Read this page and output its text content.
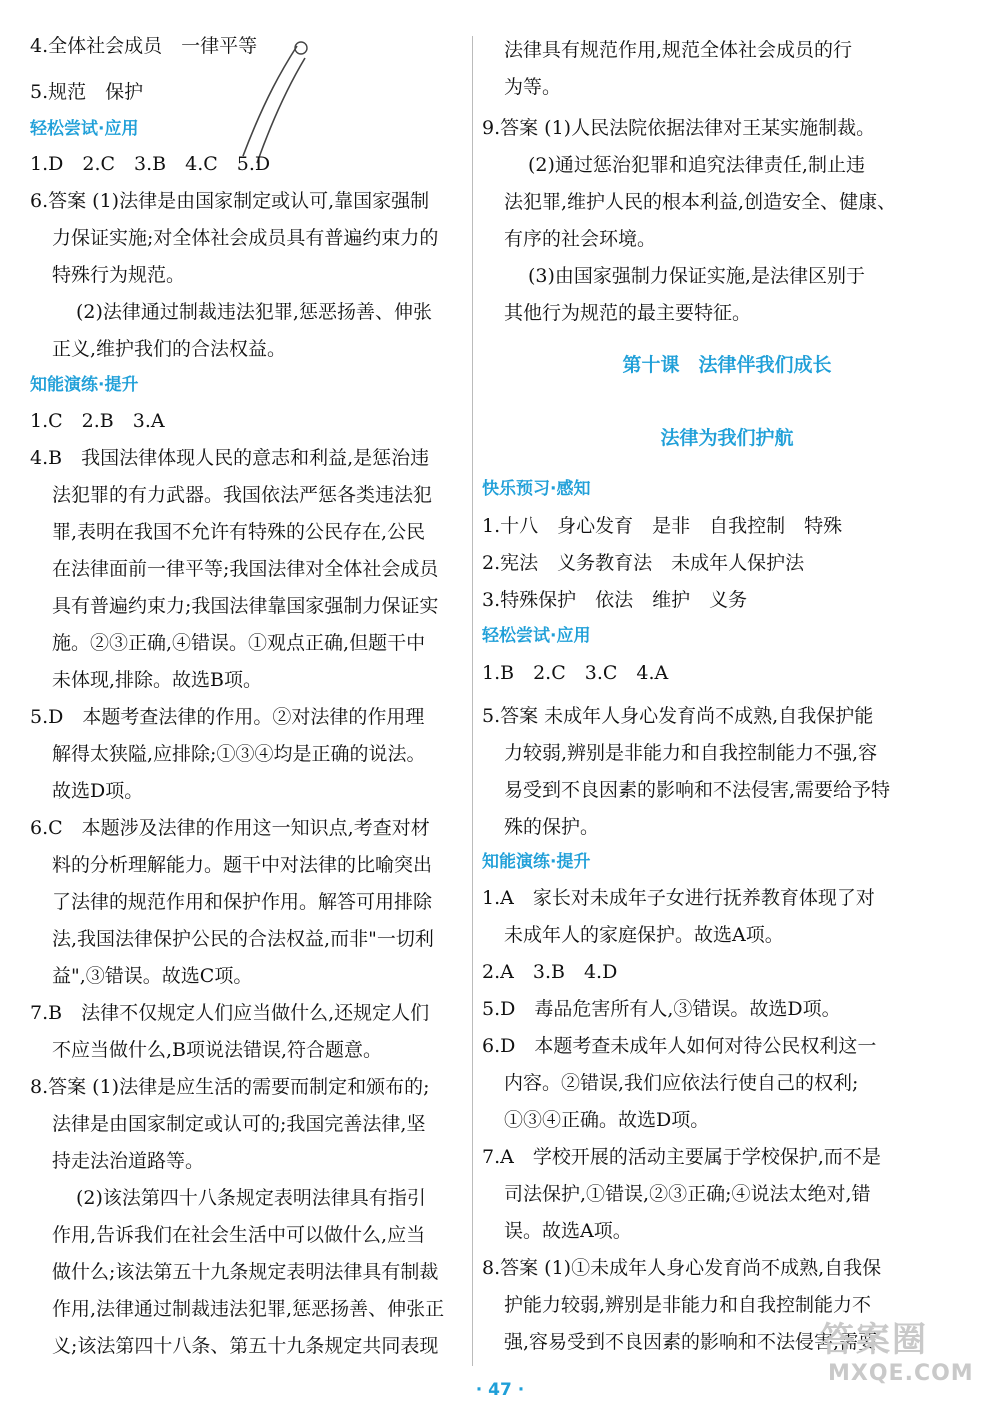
4.全体社会成员　一律平等
5.规范　保护
轻松尝试·应用
1.D　2.C　3.B　4.C　5.D
6.答案 (1)法律是由国家制定或认可,靠国家强制
力保证实施;对全体社会成员具有普遍约束力的
特殊行为规范。
(2)法律通过制裁违法犯罪,惩恶扬善、伸张
正义,维护我们的合法权益。
知能演练·提升
1.C　2.B　3.A
4.B　我国法律体现人民的意志和利益,是惩治违
法犯罪的有力武器。我国依法严惩各类违法犯
罪,表明在我国不允许有特殊的公民存在,公民
在法律面前一律平等;我国法律对全体社会成员
具有普遍约束力;我国法律靠国家强制力保证实
施。②③正确,④错误。①观点正确,但题干中
未体现,排除。故选B项。
5.D　本题考查法律的作用。②对法律的作用理
解得太狭隘,应排除;①③④均是正确的说法。
故选D项。
6.C　本题涉及法律的作用这一知识点,考查对材
料的分析理解能力。题干中对法律的比喻突出
了法律的规范作用和保护作用。解答可用排除
法,我国法律保护公民的合法权益,而非"一切利
益",③错误。故选C项。
7.B　法律不仅规定人们应当做什么,还规定人们
不应当做什么,B项说法错误,符合题意。
8.答案 (1)法律是应生活的需要而制定和颁布的;
法律是由国家制定或认可的;我国完善法律,坚
持走法治道路等。
(2)该法第四十八条规定表明法律具有指引
作用,告诉我们在社会生活中可以做什么,应当
做什么;该法第五十九条规定表明法律具有制裁
作用,法律通过制裁违法犯罪,惩恶扬善、伸张正
义;该法第四十八条、第五十九条规定共同表现
法律具有规范作用,规范全体社会成员的行
为等。
9.答案 (1)人民法院依据法律对王某实施制裁。
(2)通过惩治犯罪和追究法律责任,制止违
法犯罪,维护人民的根本利益,创造安全、健康、
有序的社会环境。
(3)由国家强制力保证实施,是法律区别于
其他行为规范的最主要特征。
第十课　法律伴我们成长
法律为我们护航
快乐预习·感知
1.十八　身心发育　是非　自我控制　特殊
2.宪法　义务教育法　未成年人保护法
3.特殊保护　依法　维护　义务
轻松尝试·应用
1.B　2.C　3.C　4.A
5.答案 未成年人身心发育尚不成熟,自我保护能
力较弱,辨别是非能力和自我控制能力不强,容
易受到不良因素的影响和不法侵害,需要给予特
殊的保护。
知能演练·提升
1.A　家长对未成年子女进行抚养教育体现了对
未成年人的家庭保护。故选A项。
2.A　3.B　4.D
5.D　毒品危害所有人,③错误。故选D项。
6.D　本题考查未成年人如何对待公民权利这一
内容。②错误,我们应依法行使自己的权利;
①③④正确。故选D项。
7.A　学校开展的活动主要属于学校保护,而不是
司法保护,①错误,②③正确;④说法太绝对,错
误。故选A项。
8.答案 (1)①未成年人身心发育尚不成熟,自我保
护能力较弱,辨别是非能力和自我控制能力不
强,容易受到不良因素的影响和不法侵害,需要
· 47 ·
答案圈
MXQE.COM
